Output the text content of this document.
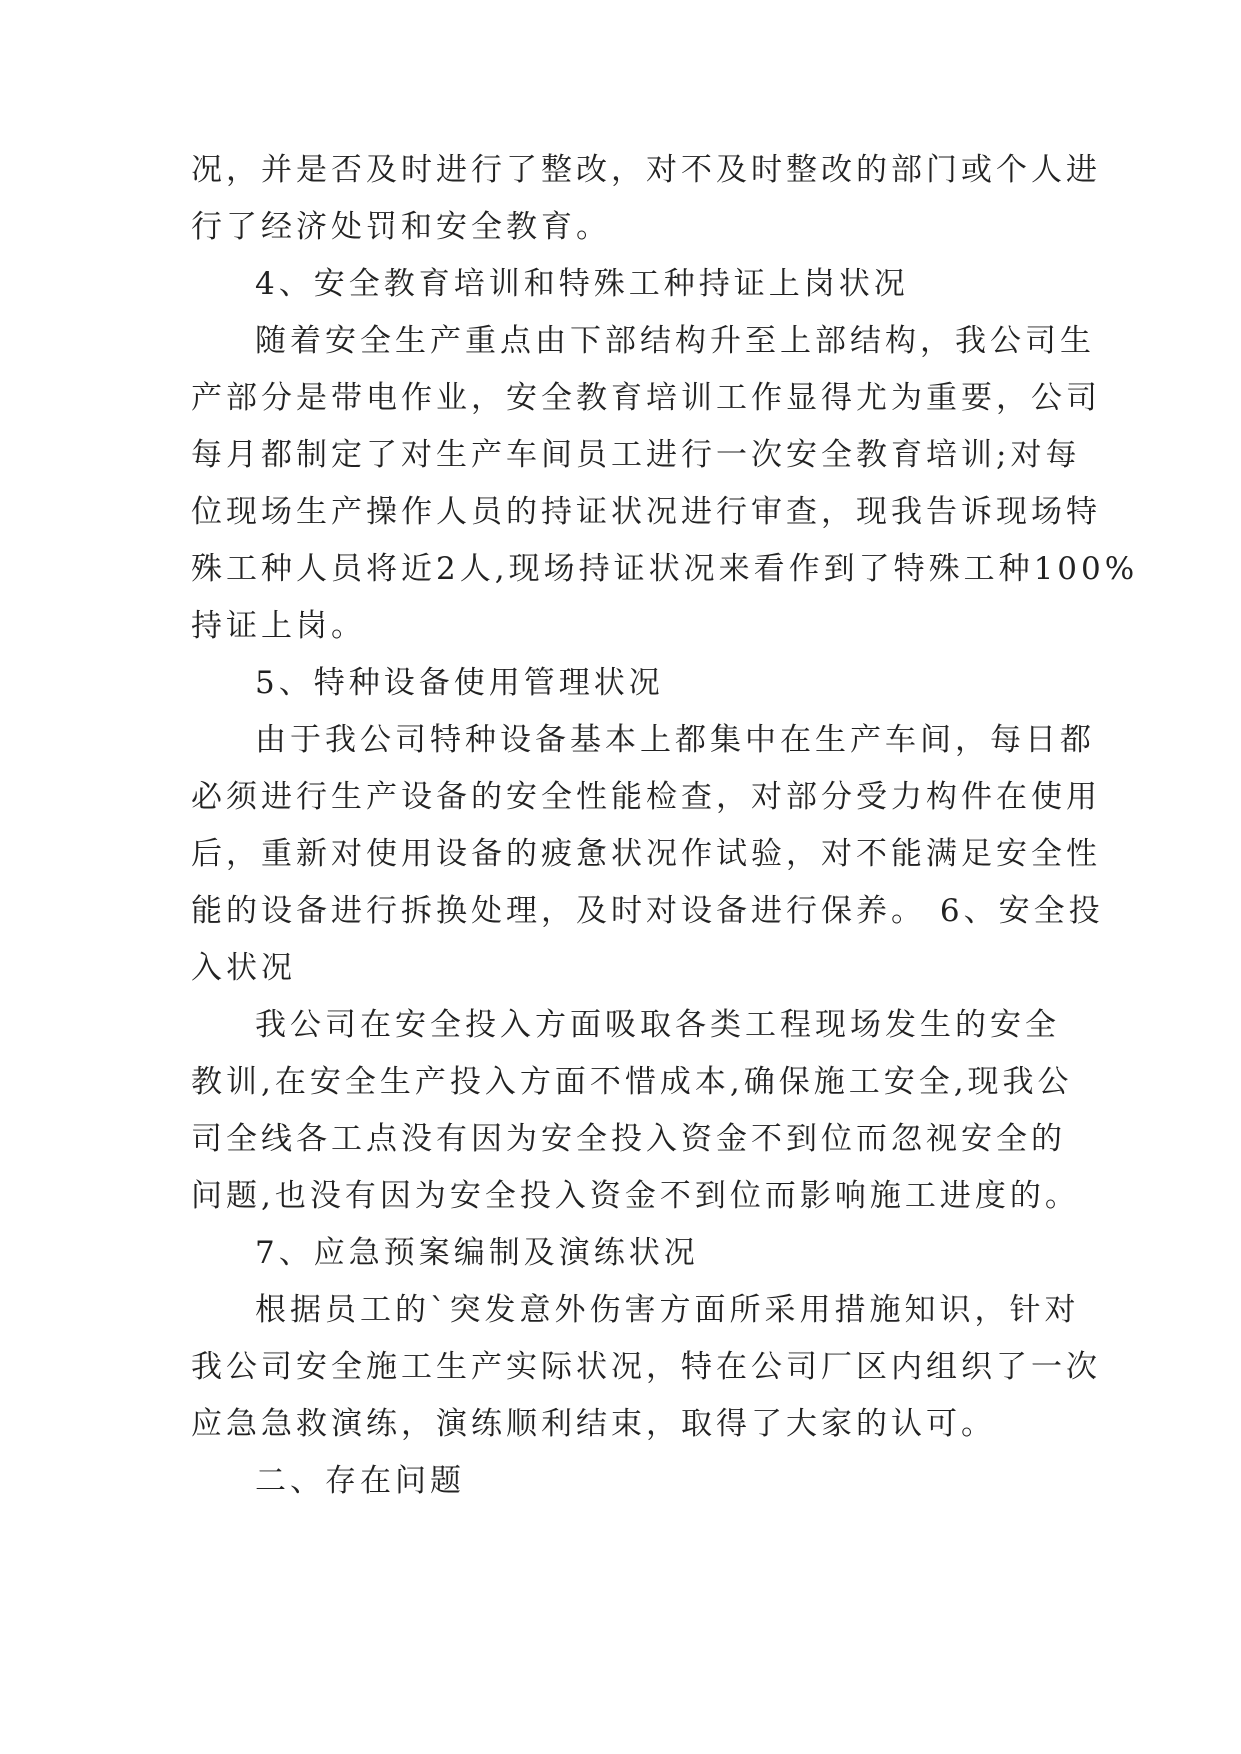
况，并是否及时进行了整改，对不及时整改的部门或个人进
行了经济处罚和安全教育。
4、安全教育培训和特殊工种持证上岗状况
随着安全生产重点由下部结构升至上部结构，我公司生
产部分是带电作业，安全教育培训工作显得尤为重要，公司
每月都制定了对生产车间员工进行一次安全教育培训;对每
位现场生产操作人员的持证状况进行审查，现我告诉现场特
殊工种人员将近2人,现场持证状况来看作到了特殊工种100%
持证上岗。
5、特种设备使用管理状况
由于我公司特种设备基本上都集中在生产车间，每日都
必须进行生产设备的安全性能检查，对部分受力构件在使用
后，重新对使用设备的疲惫状况作试验，对不能满足安全性
能的设备进行拆换处理，及时对设备进行保养。 6、安全投
入状况
我公司在安全投入方面吸取各类工程现场发生的安全
教训,在安全生产投入方面不惜成本,确保施工安全,现我公
司全线各工点没有因为安全投入资金不到位而忽视安全的
问题,也没有因为安全投入资金不到位而影响施工进度的。
7、应急预案编制及演练状况
根据员工的`突发意外伤害方面所采用措施知识，针对
我公司安全施工生产实际状况，特在公司厂区内组织了一次
应急急救演练，演练顺利结束，取得了大家的认可。
二、存在问题
